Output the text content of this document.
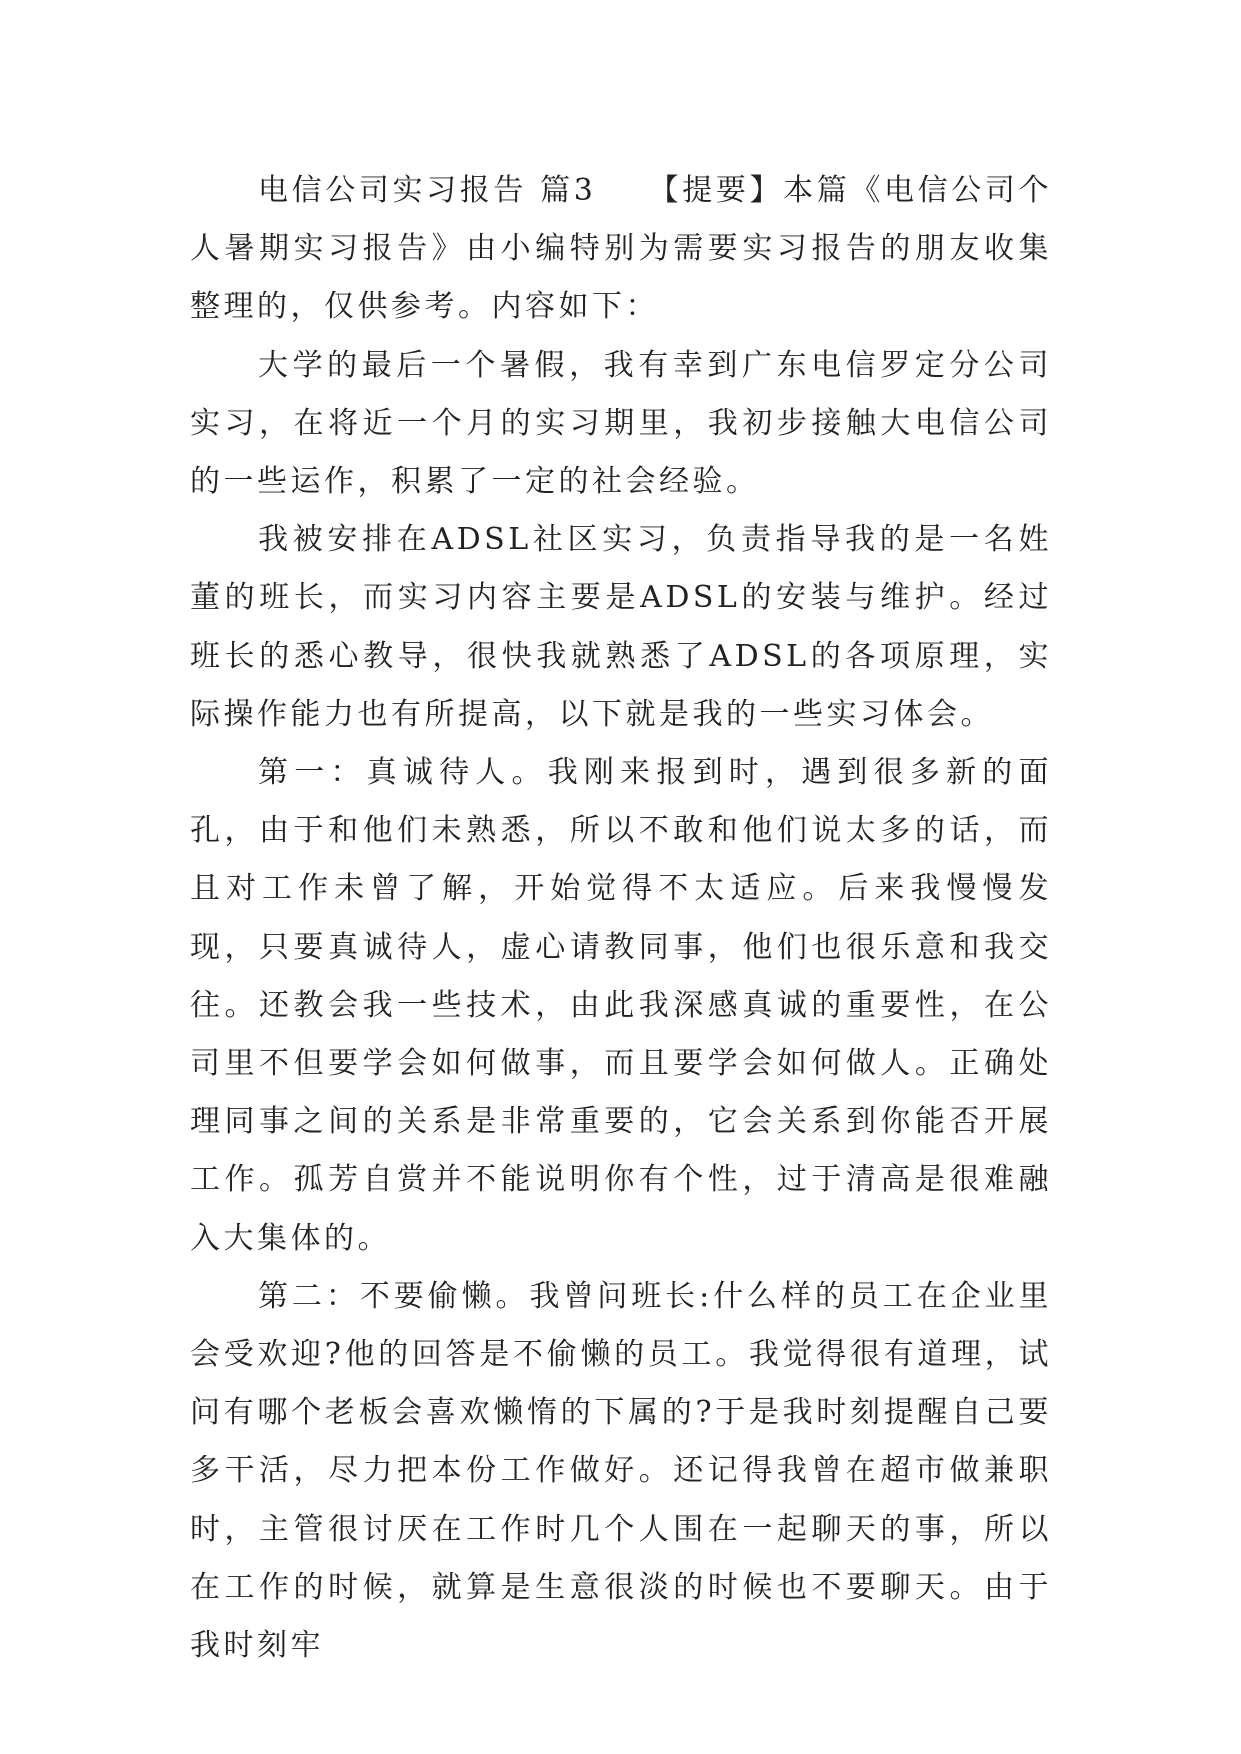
电信公司实习报告 篇3　　【提要】本篇《电信公司个人暑期实习报告》由小编特别为需要实习报告的朋友收集整理的，仅供参考。内容如下：

大学的最后一个暑假，我有幸到广东电信罗定分公司实习，在将近一个月的实习期里，我初步接触大电信公司的一些运作，积累了一定的社会经验。

我被安排在ADSL社区实习，负责指导我的是一名姓董的班长，而实习内容主要是ADSL的安装与维护。经过班长的悉心教导，很快我就熟悉了ADSL的各项原理，实际操作能力也有所提高，以下就是我的一些实习体会。

第一：真诚待人。我刚来报到时，遇到很多新的面孔，由于和他们未熟悉，所以不敢和他们说太多的话，而且对工作未曾了解，开始觉得不太适应。后来我慢慢发现，只要真诚待人，虚心请教同事，他们也很乐意和我交往。还教会我一些技术，由此我深感真诚的重要性，在公司里不但要学会如何做事，而且要学会如何做人。正确处理同事之间的关系是非常重要的，它会关系到你能否开展工作。孤芳自赏并不能说明你有个性，过于清高是很难融入大集体的。

第二：不要偷懒。我曾问班长:什么样的员工在企业里会受欢迎?他的回答是不偷懒的员工。我觉得很有道理，试问有哪个老板会喜欢懒惰的下属的?于是我时刻提醒自己要多干活，尽力把本份工作做好。还记得我曾在超市做兼职时，主管很讨厌在工作时几个人围在一起聊天的事，所以在工作的时候，就算是生意很淡的时候也不要聊天。由于我时刻牢
